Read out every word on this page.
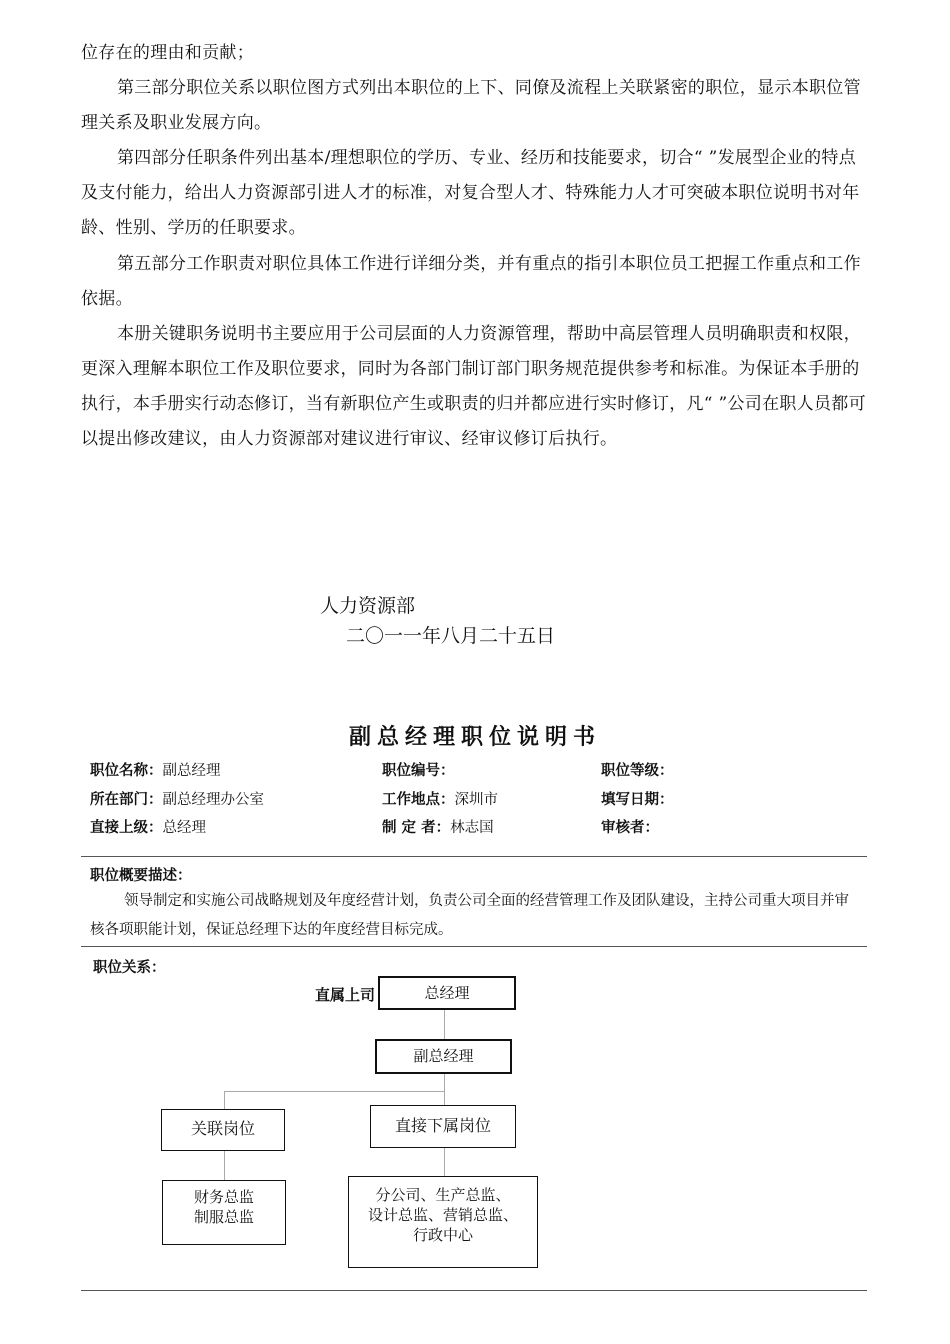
位存在的理由和贡献；

第三部分职位关系以职位图方式列出本职位的上下、同僚及流程上关联紧密的职位，显示本职位管理关系及职业发展方向。

第四部分任职条件列出基本/理想职位的学历、专业、经历和技能要求，切合“ ”发展型企业的特点及支付能力，给出人力资源部引进人才的标准，对复合型人才、特殊能力人才可突破本职位说明书对年龄、性别、学历的任职要求。

第五部分工作职责对职位具体工作进行详细分类，并有重点的指引本职位员工把握工作重点和工作依据。

本册关键职务说明书主要应用于公司层面的人力资源管理，帮助中高层管理人员明确职责和权限，更深入理解本职位工作及职位要求，同时为各部门制订部门职务规范提供参考和标准。为保证本手册的执行，本手册实行动态修订，当有新职位产生或职责的归并都应进行实时修订，凡“ ”公司在职人员都可以提出修改建议，由人力资源部对建议进行审议、经审议修订后执行。

人力资源部
二〇一一年八月二十五日
副总经理职位说明书
职位名称：副总经理	职位编号：	职位等级：
所在部门：副总经理办公室	工作地点：深圳市	填写日期：
直接上级：总经理	制 定 者：林志国	审核者：
职位概要描述：

领导制定和实施公司战略规划及年度经营计划，负责公司全面的经营管理工作及团队建设，主持公司重大项目并审核各项职能计划，保证总经理下达的年度经营目标完成。

职位关系：
直属上司	总经理
副总经理
关联岗位	直接下属岗位
财务总监
制服总监
分公司、生产总监、
设计总监、营销总监、
行政中心
